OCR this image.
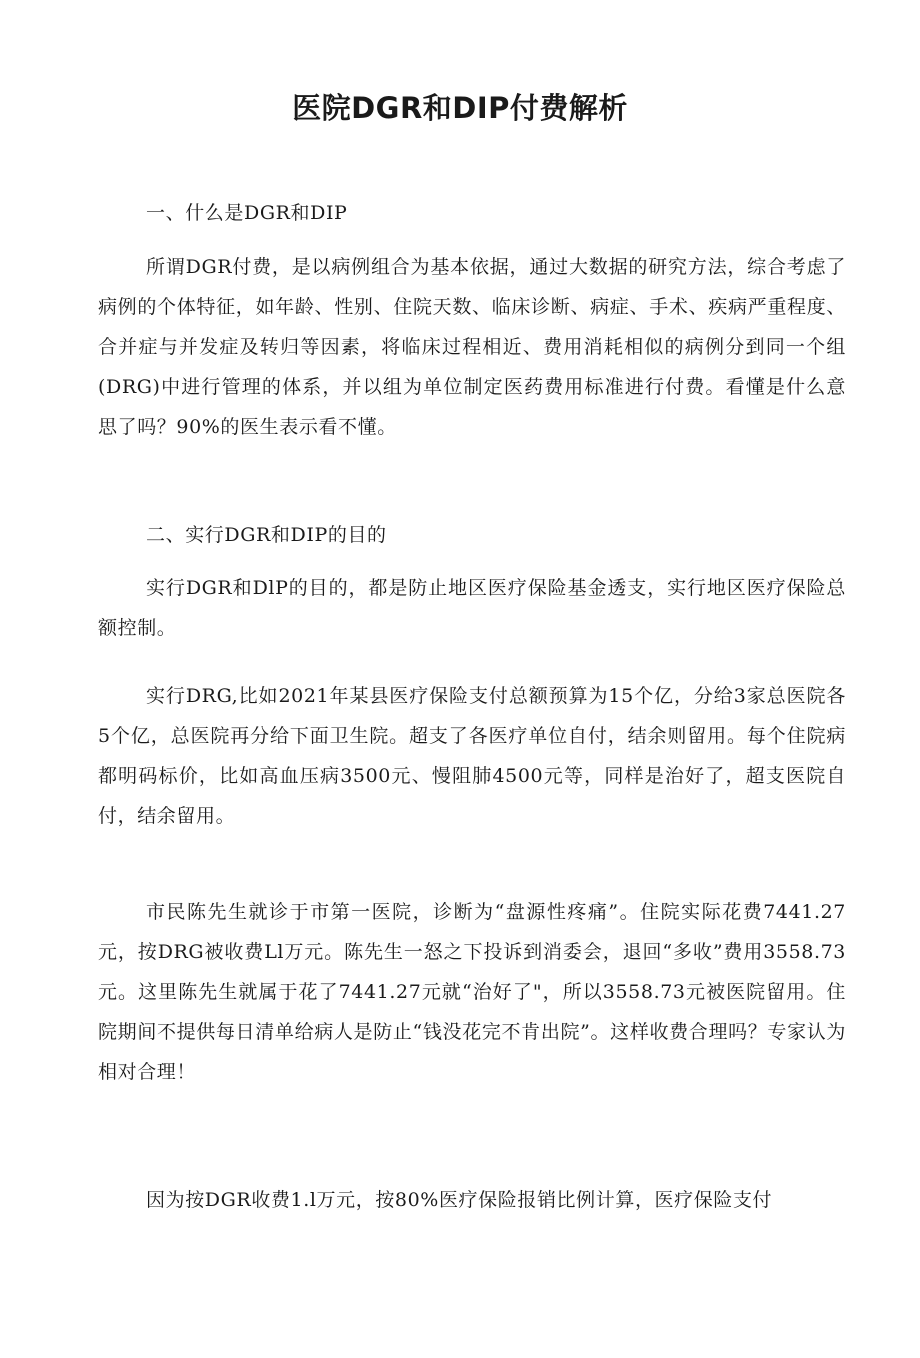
医院DGR和DIP付费解析

一、什么是DGR和DIP

所谓DGR付费，是以病例组合为基本依据，通过大数据的研究方法，综合考虑了病例的个体特征，如年龄、性别、住院天数、临床诊断、病症、手术、疾病严重程度、合并症与并发症及转归等因素，将临床过程相近、费用消耗相似的病例分到同一个组(DRG)中进行管理的体系，并以组为单位制定医药费用标准进行付费。看懂是什么意思了吗？90%的医生表示看不懂。

二、实行DGR和DIP的目的

实行DGR和DlP的目的，都是防止地区医疗保险基金透支，实行地区医疗保险总额控制。

实行DRG,比如2021年某县医疗保险支付总额预算为15个亿，分给3家总医院各5个亿，总医院再分给下面卫生院。超支了各医疗单位自付，结余则留用。每个住院病都明码标价，比如高血压病3500元、慢阻肺4500元等，同样是治好了，超支医院自付，结余留用。

市民陈先生就诊于市第一医院，诊断为“盘源性疼痛”。住院实际花费7441.27元，按DRG被收费Ll万元。陈先生一怒之下投诉到消委会，退回“多收”费用3558.73元。这里陈先生就属于花了7441.27元就“治好了"，所以3558.73元被医院留用。住院期间不提供每日清单给病人是防止“钱没花完不肯出院”。这样收费合理吗？专家认为相对合理！

因为按DGR收费1.l万元，按80%医疗保险报销比例计算，医疗保险支付
